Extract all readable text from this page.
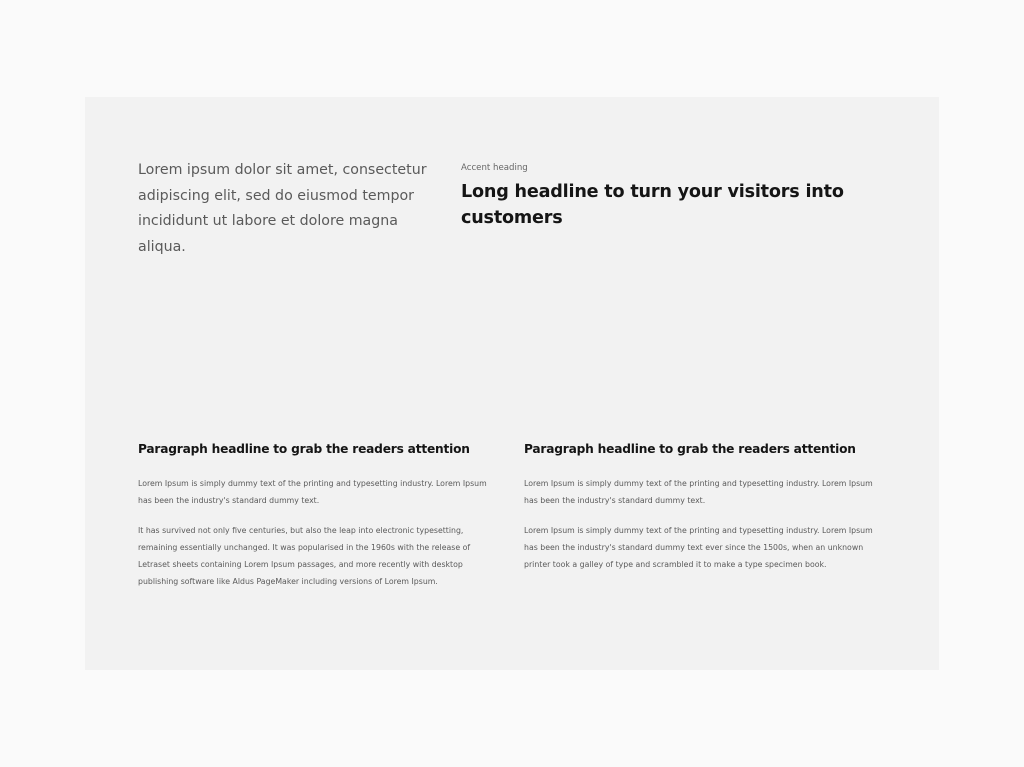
Lorem ipsum dolor sit amet, consectetur adipiscing elit, sed do eiusmod tempor incididunt ut labore et dolore magna aliqua.

Accent heading

Long headline to turn your visitors into customers
Paragraph headline to grab the readers attention

Lorem Ipsum is simply dummy text of the printing and typesetting industry. Lorem Ipsum has been the industry's standard dummy text.

It has survived not only five centuries, but also the leap into electronic typesetting, remaining essentially unchanged. It was popularised in the 1960s with the release of Letraset sheets containing Lorem Ipsum passages, and more recently with desktop publishing software like Aldus PageMaker including versions of Lorem Ipsum.

Paragraph headline to grab the readers attention

Lorem Ipsum is simply dummy text of the printing and typesetting industry. Lorem Ipsum has been the industry's standard dummy text.

Lorem Ipsum is simply dummy text of the printing and typesetting industry. Lorem Ipsum has been the industry's standard dummy text ever since the 1500s, when an unknown printer took a galley of type and scrambled it to make a type specimen book.
